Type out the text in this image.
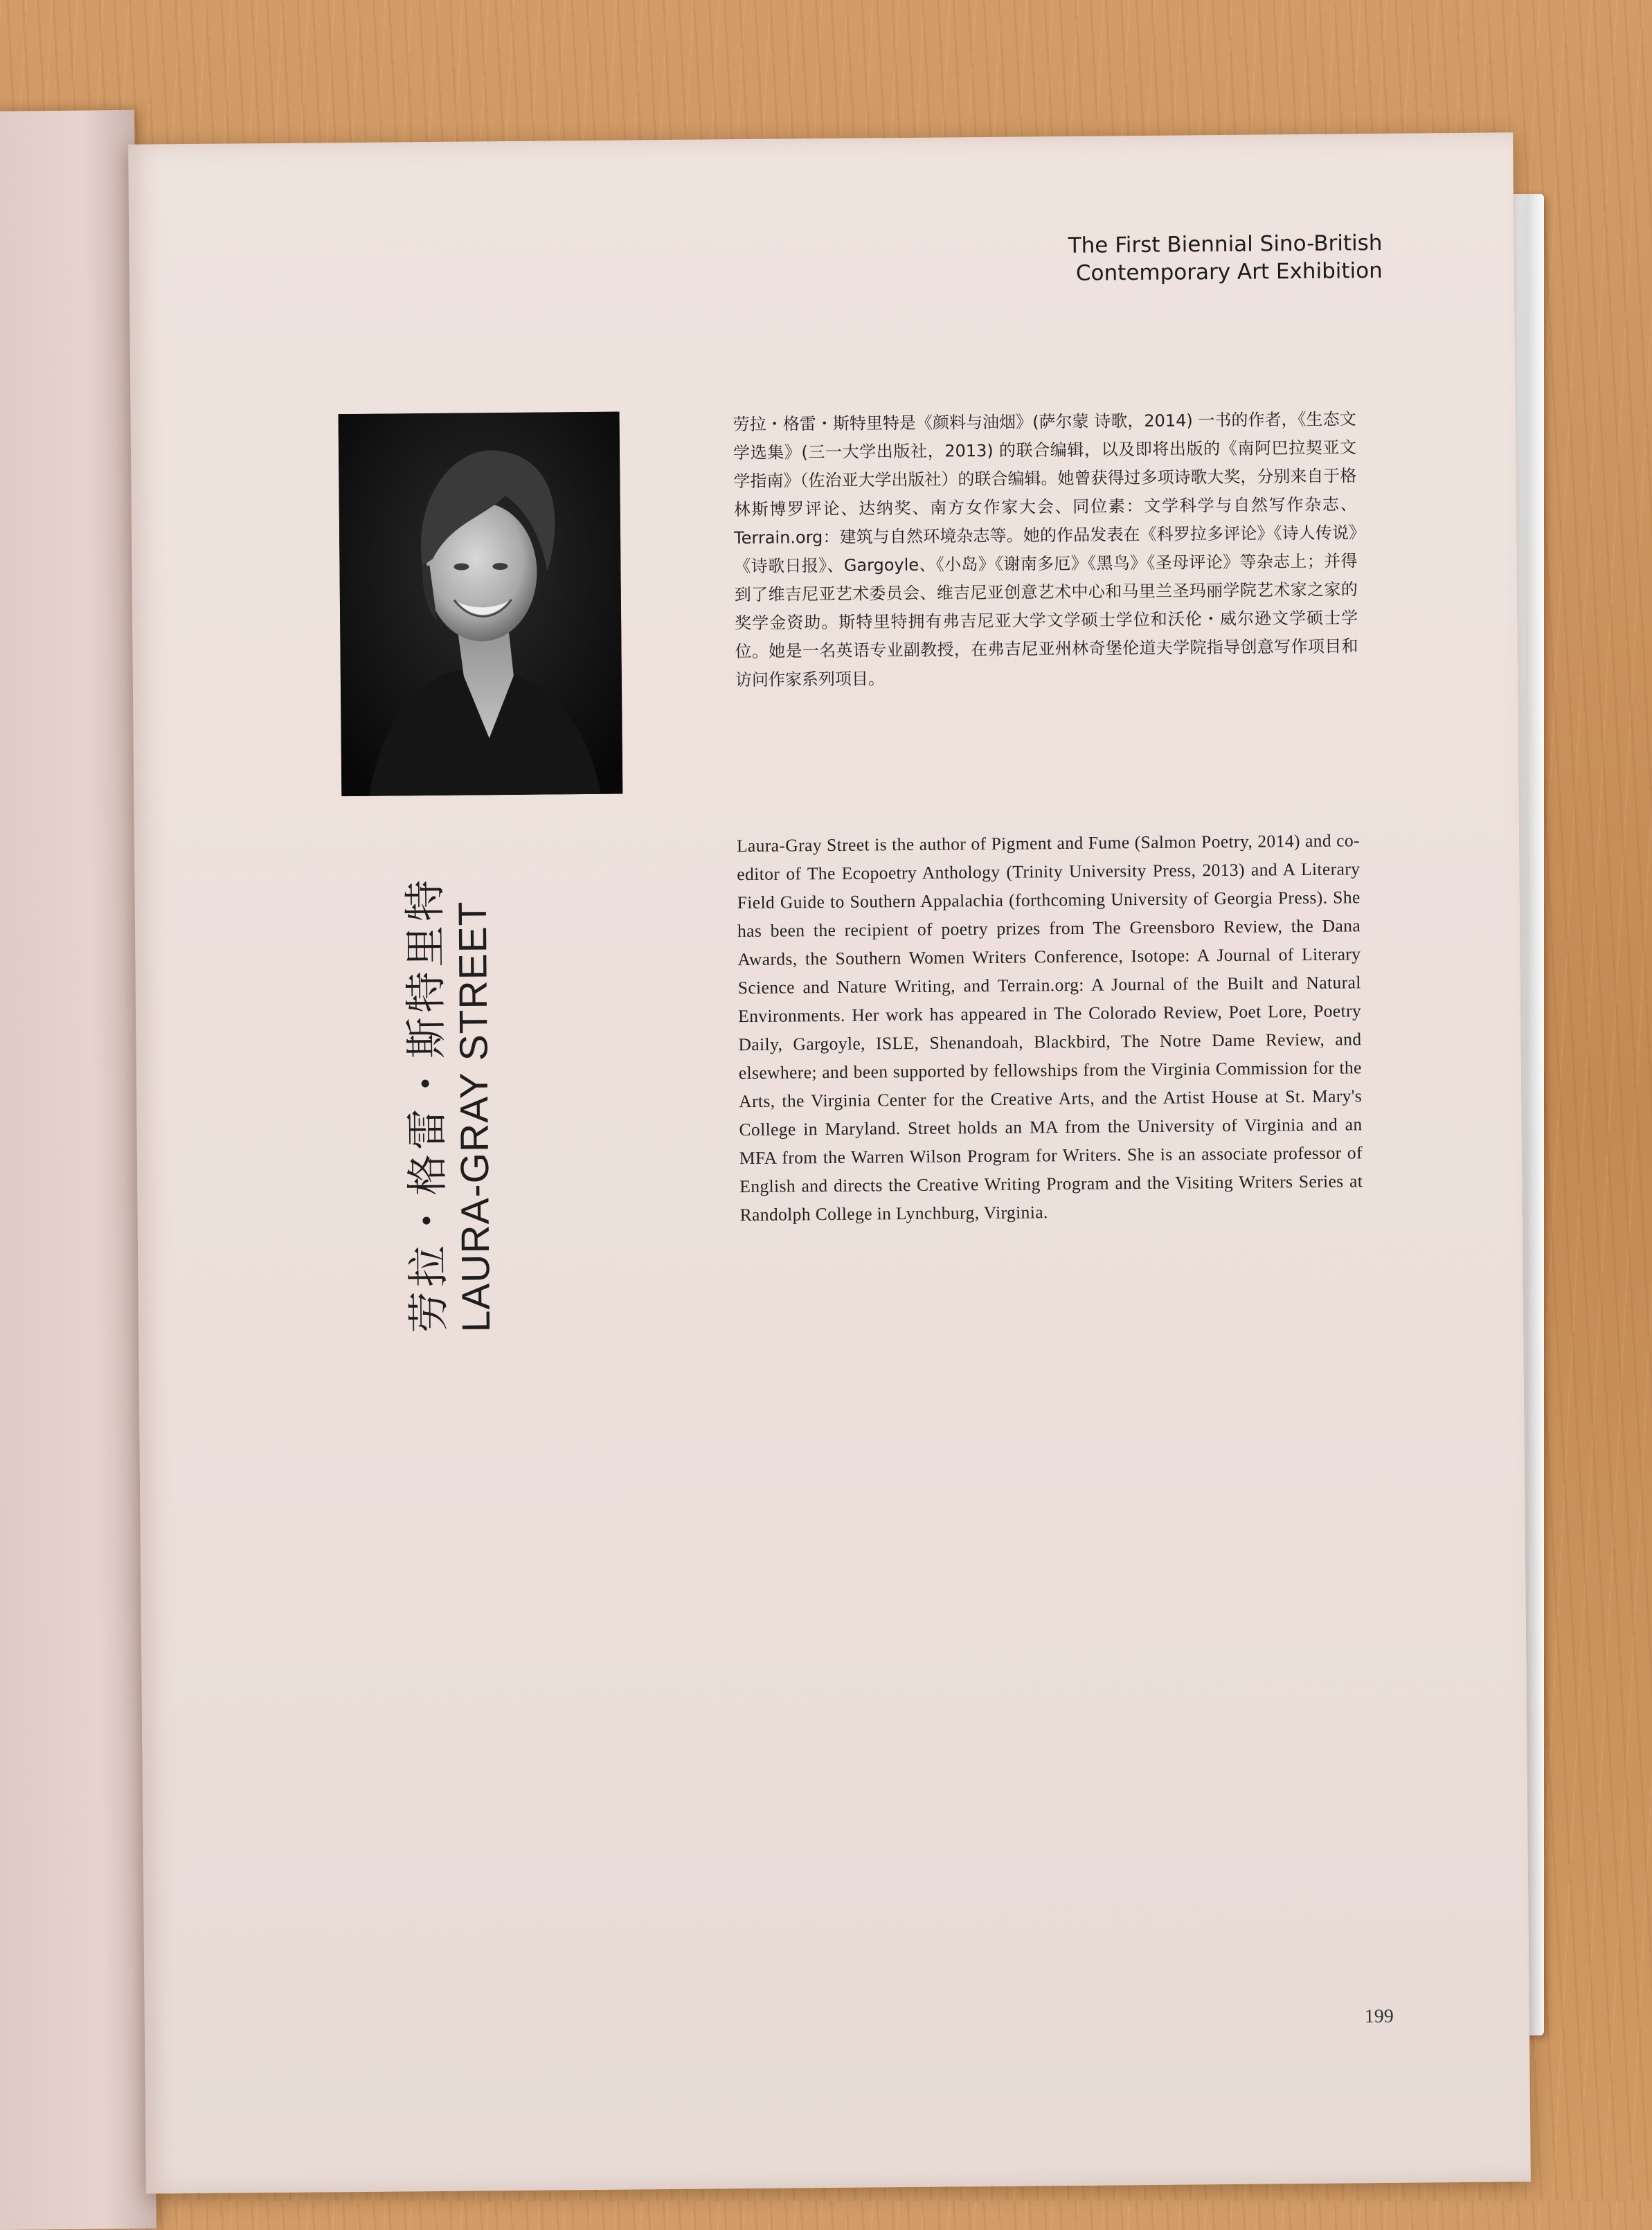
The First Biennial Sino-British
Contemporary Art Exhibition
劳拉・格雷・斯特里特
LAURA-GRAY STREET
劳拉・格雷・斯特里特是《颜料与油烟》(萨尔蒙 诗歌，2014) 一书的作者，《生态文学选集》(三一大学出版社，2013) 的联合编辑，以及即将出版的《南阿巴拉契亚文学指南》（佐治亚大学出版社）的联合编辑。她曾获得过多项诗歌大奖，分别来自于格林斯博罗评论、达纳奖、南方女作家大会、同位素：文学科学与自然写作杂志、Terrain.org：建筑与自然环境杂志等。她的作品发表在《科罗拉多评论》《诗人传说》《诗歌日报》、Gargoyle、《小岛》《谢南多厄》《黑鸟》《圣母评论》等杂志上；并得到了维吉尼亚艺术委员会、维吉尼亚创意艺术中心和马里兰圣玛丽学院艺术家之家的奖学金资助。斯特里特拥有弗吉尼亚大学文学硕士学位和沃伦・威尔逊文学硕士学位。她是一名英语专业副教授，在弗吉尼亚州林奇堡伦道夫学院指导创意写作项目和访问作家系列项目。
Laura-Gray Street is the author of Pigment and Fume (Salmon Poetry, 2014) and co-editor of The Ecopoetry Anthology (Trinity University Press, 2013) and A Literary Field Guide to Southern Appalachia (forthcoming University of Georgia Press). She has been the recipient of poetry prizes from The Greensboro Review, the Dana Awards, the Southern Women Writers Conference, Isotope: A Journal of Literary Science and Nature Writing, and Terrain.org: A Journal of the Built and Natural Environments. Her work has appeared in The Colorado Review, Poet Lore, Poetry Daily, Gargoyle, ISLE, Shenandoah, Blackbird, The Notre Dame Review, and elsewhere; and been supported by fellowships from the Virginia Commission for the Arts, the Virginia Center for the Creative Arts, and the Artist House at St. Mary's College in Maryland. Street holds an MA from the University of Virginia and an MFA from the Warren Wilson Program for Writers. She is an associate professor of English and directs the Creative Writing Program and the Visiting Writers Series at Randolph College in Lynchburg, Virginia.
199
